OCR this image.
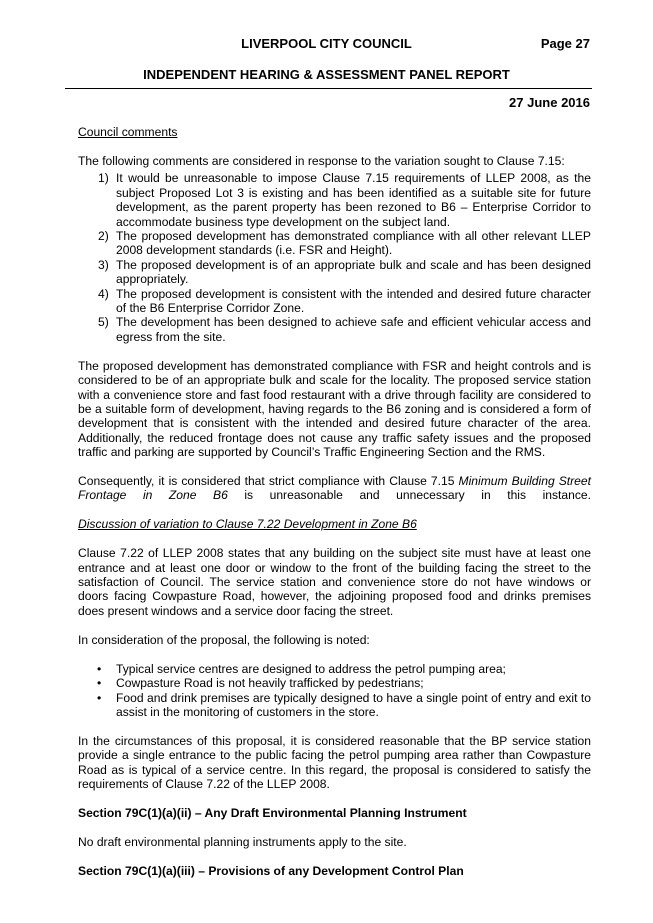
LIVERPOOL CITY COUNCIL	Page 27
INDEPENDENT HEARING & ASSESSMENT PANEL REPORT
27 June 2016

Council comments

The following comments are considered in response to the variation sought to Clause 7.15:

1) It would be unreasonable to impose Clause 7.15 requirements of LLEP 2008, as the subject Proposed Lot 3 is existing and has been identified as a suitable site for future development, as the parent property has been rezoned to B6 – Enterprise Corridor to accommodate business type development on the subject land.
2) The proposed development has demonstrated compliance with all other relevant LLEP 2008 development standards (i.e. FSR and Height).
3) The proposed development is of an appropriate bulk and scale and has been designed appropriately.
4) The proposed development is consistent with the intended and desired future character of the B6 Enterprise Corridor Zone.
5) The development has been designed to achieve safe and efficient vehicular access and egress from the site.

The proposed development has demonstrated compliance with FSR and height controls and is considered to be of an appropriate bulk and scale for the locality. The proposed service station with a convenience store and fast food restaurant with a drive through facility are considered to be a suitable form of development, having regards to the B6 zoning and is considered a form of development that is consistent with the intended and desired future character of the area. Additionally, the reduced frontage does not cause any traffic safety issues and the proposed traffic and parking are supported by Council’s Traffic Engineering Section and the RMS.

Consequently, it is considered that strict compliance with Clause 7.15 Minimum Building Street Frontage in Zone B6 is unreasonable and unnecessary in this instance.

Discussion of variation to Clause 7.22 Development in Zone B6

Clause 7.22 of LLEP 2008 states that any building on the subject site must have at least one entrance and at least one door or window to the front of the building facing the street to the satisfaction of Council. The service station and convenience store do not have windows or doors facing Cowpasture Road, however, the adjoining proposed food and drinks premises does present windows and a service door facing the street.

In consideration of the proposal, the following is noted:

• Typical service centres are designed to address the petrol pumping area;
• Cowpasture Road is not heavily trafficked by pedestrians;
• Food and drink premises are typically designed to have a single point of entry and exit to assist in the monitoring of customers in the store.

In the circumstances of this proposal, it is considered reasonable that the BP service station provide a single entrance to the public facing the petrol pumping area rather than Cowpasture Road as is typical of a service centre. In this regard, the proposal is considered to satisfy the requirements of Clause 7.22 of the LLEP 2008.

Section 79C(1)(a)(ii) – Any Draft Environmental Planning Instrument

No draft environmental planning instruments apply to the site.

Section 79C(1)(a)(iii) – Provisions of any Development Control Plan
